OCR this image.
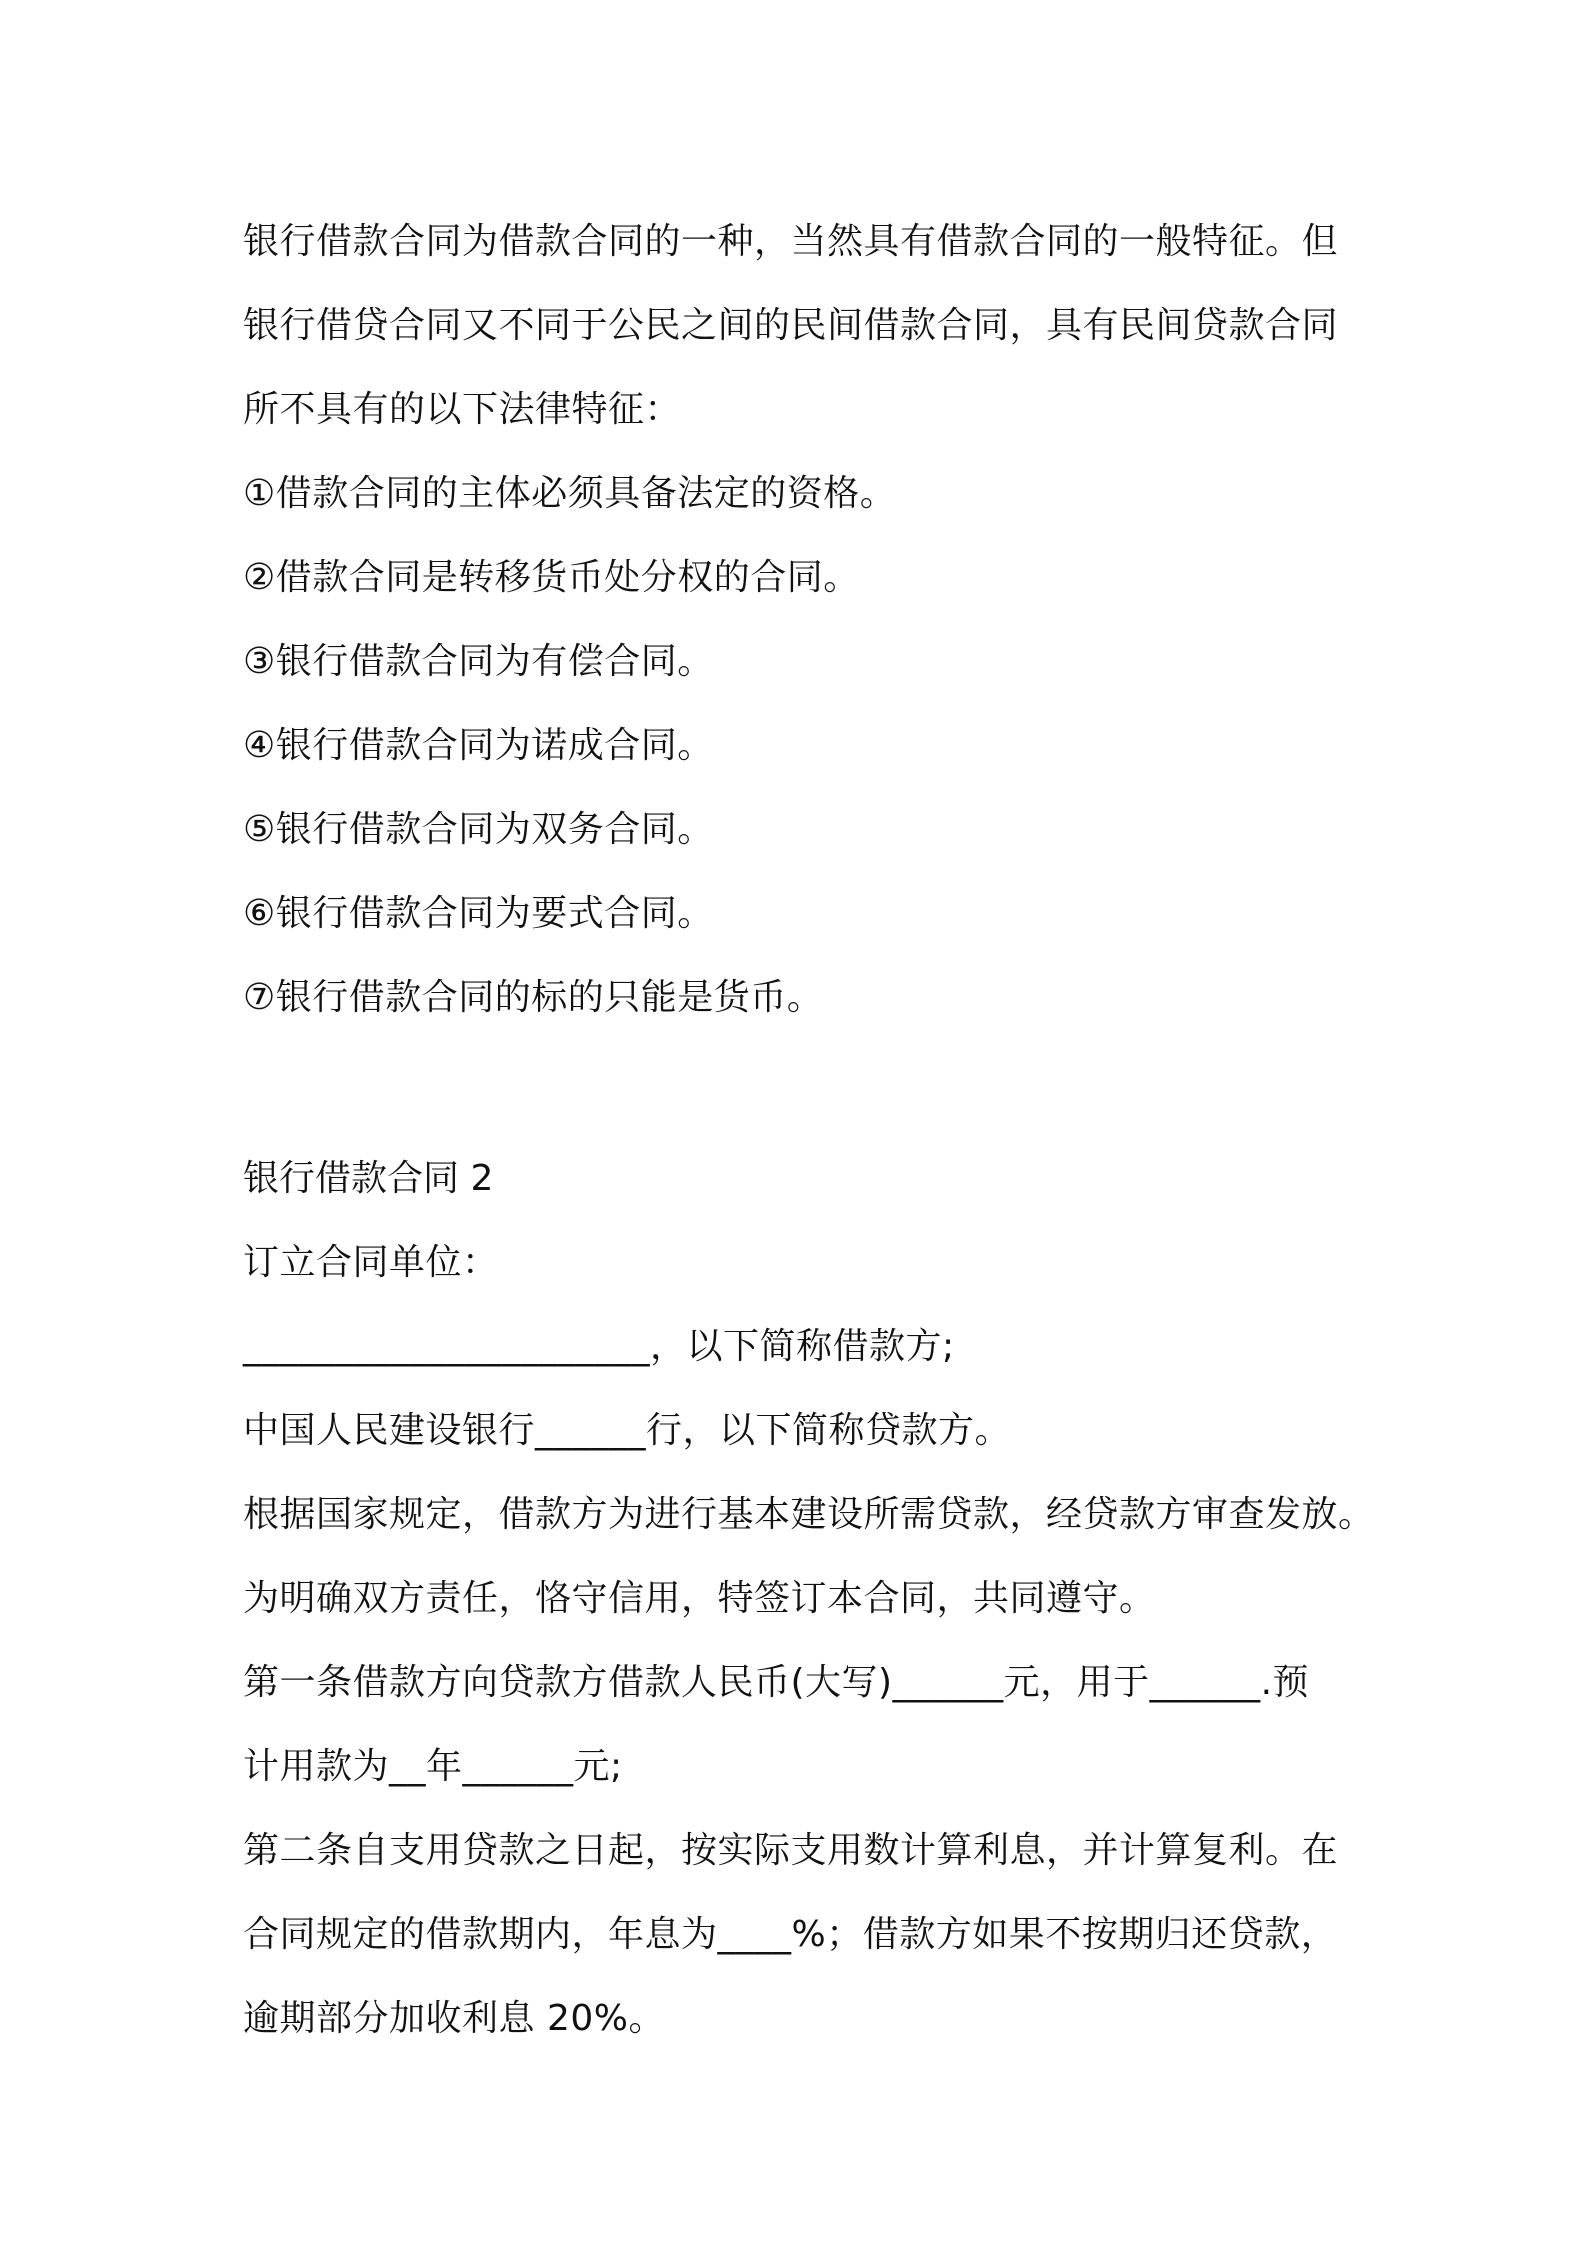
银行借款合同为借款合同的一种，当然具有借款合同的一般特征。但
银行借贷合同又不同于公民之间的民间借款合同，具有民间贷款合同
所不具有的以下法律特征：
①借款合同的主体必须具备法定的资格。
②借款合同是转移货币处分权的合同。
③银行借款合同为有偿合同。
④银行借款合同为诺成合同。
⑤银行借款合同为双务合同。
⑥银行借款合同为要式合同。
⑦银行借款合同的标的只能是货币。
银行借款合同 2
订立合同单位：
______________________，以下简称借款方;
中国人民建设银行______行，以下简称贷款方。
根据国家规定，借款方为进行基本建设所需贷款，经贷款方审查发放。
为明确双方责任，恪守信用，特签订本合同，共同遵守。
第一条借款方向贷款方借款人民币(大写)______元，用于______.预
计用款为__年______元;
第二条自支用贷款之日起，按实际支用数计算利息，并计算复利。在
合同规定的借款期内，年息为____%；借款方如果不按期归还贷款，
逾期部分加收利息 20%。
